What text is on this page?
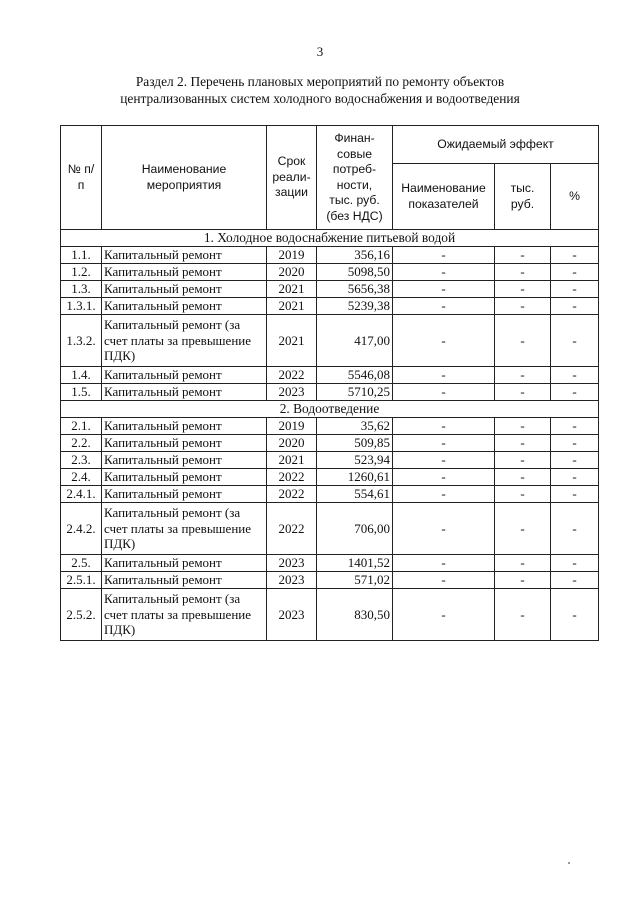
3
Раздел 2. Перечень плановых мероприятий по ремонту объектов
централизованных систем холодного водоснабжения и водоотведения
№ п/п	Наименование мероприятия	Срок реали-зации	Финан-совые потреб-ности, тыс. руб. (без НДС)	Ожидаемый эффект		
				Наименование показателей	тыс. руб.	%
1. Холодное водоснабжение питьевой водой						
1.1.	Капитальный ремонт	2019	356,16	-	-	-
1.2.	Капитальный ремонт	2020	5098,50	-	-	-
1.3.	Капитальный ремонт	2021	5656,38	-	-	-
1.3.1.	Капитальный ремонт	2021	5239,38	-	-	-
1.3.2.	Капитальный ремонт (за счет платы за превышение ПДК)	2021	417,00	-	-	-
1.4.	Капитальный ремонт	2022	5546,08	-	-	-
1.5.	Капитальный ремонт	2023	5710,25	-	-	-
2. Водоотведение						
2.1.	Капитальный ремонт	2019	35,62	-	-	-
2.2.	Капитальный ремонт	2020	509,85	-	-	-
2.3.	Капитальный ремонт	2021	523,94	-	-	-
2.4.	Капитальный ремонт	2022	1260,61	-	-	-
2.4.1.	Капитальный ремонт	2022	554,61	-	-	-
2.4.2.	Капитальный ремонт (за счет платы за превышение ПДК)	2022	706,00	-	-	-
2.5.	Капитальный ремонт	2023	1401,52	-	-	-
2.5.1.	Капитальный ремонт	2023	571,02	-	-	-
2.5.2.	Капитальный ремонт (за счет платы за превышение ПДК)	2023	830,50	-	-	-
